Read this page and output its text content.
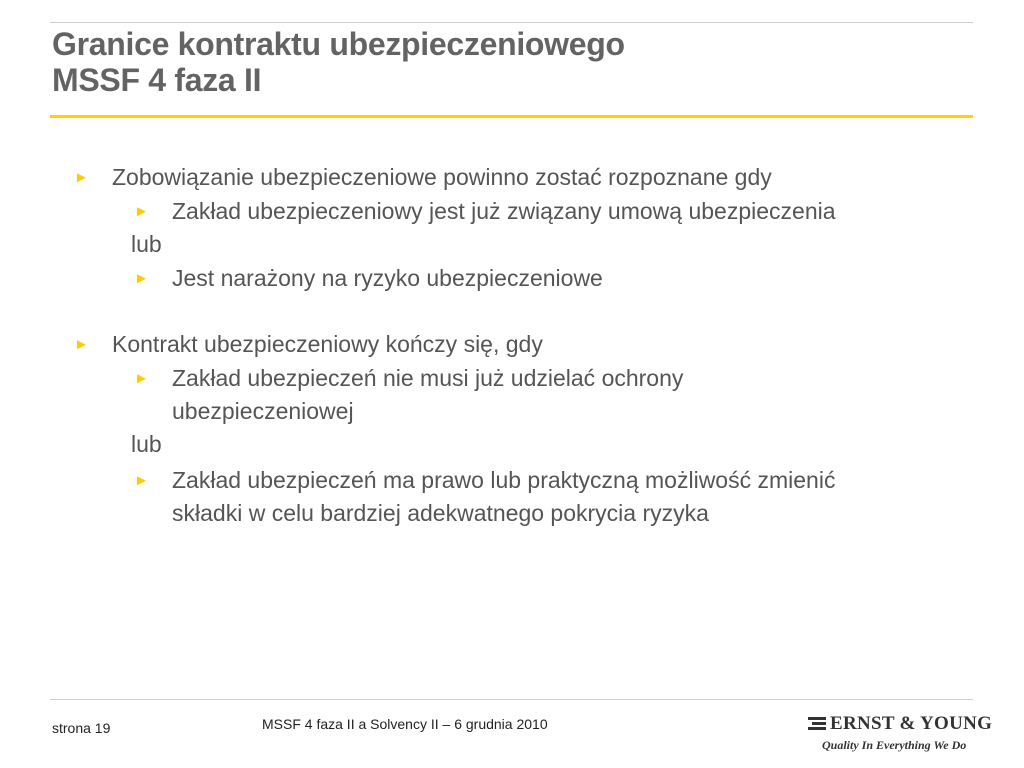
Granice kontraktu ubezpieczeniowego
MSSF 4 faza II
► Zobowiązanie ubezpieczeniowe powinno zostać rozpoznane gdy
► Zakład ubezpieczeniowy jest już związany umową ubezpieczenia
lub
► Jest narażony na ryzyko ubezpieczeniowe
► Kontrakt ubezpieczeniowy kończy się, gdy
► Zakład ubezpieczeń nie musi już udzielać ochrony
ubezpieczeniowej
lub
► Zakład ubezpieczeń ma prawo lub praktyczną możliwość zmienić
składki w celu bardziej adekwatnego pokrycia ryzyka
strona 19	MSSF 4 faza II a Solvency II – 6 grudnia 2010	ERNST & YOUNG
Quality In Everything We Do
